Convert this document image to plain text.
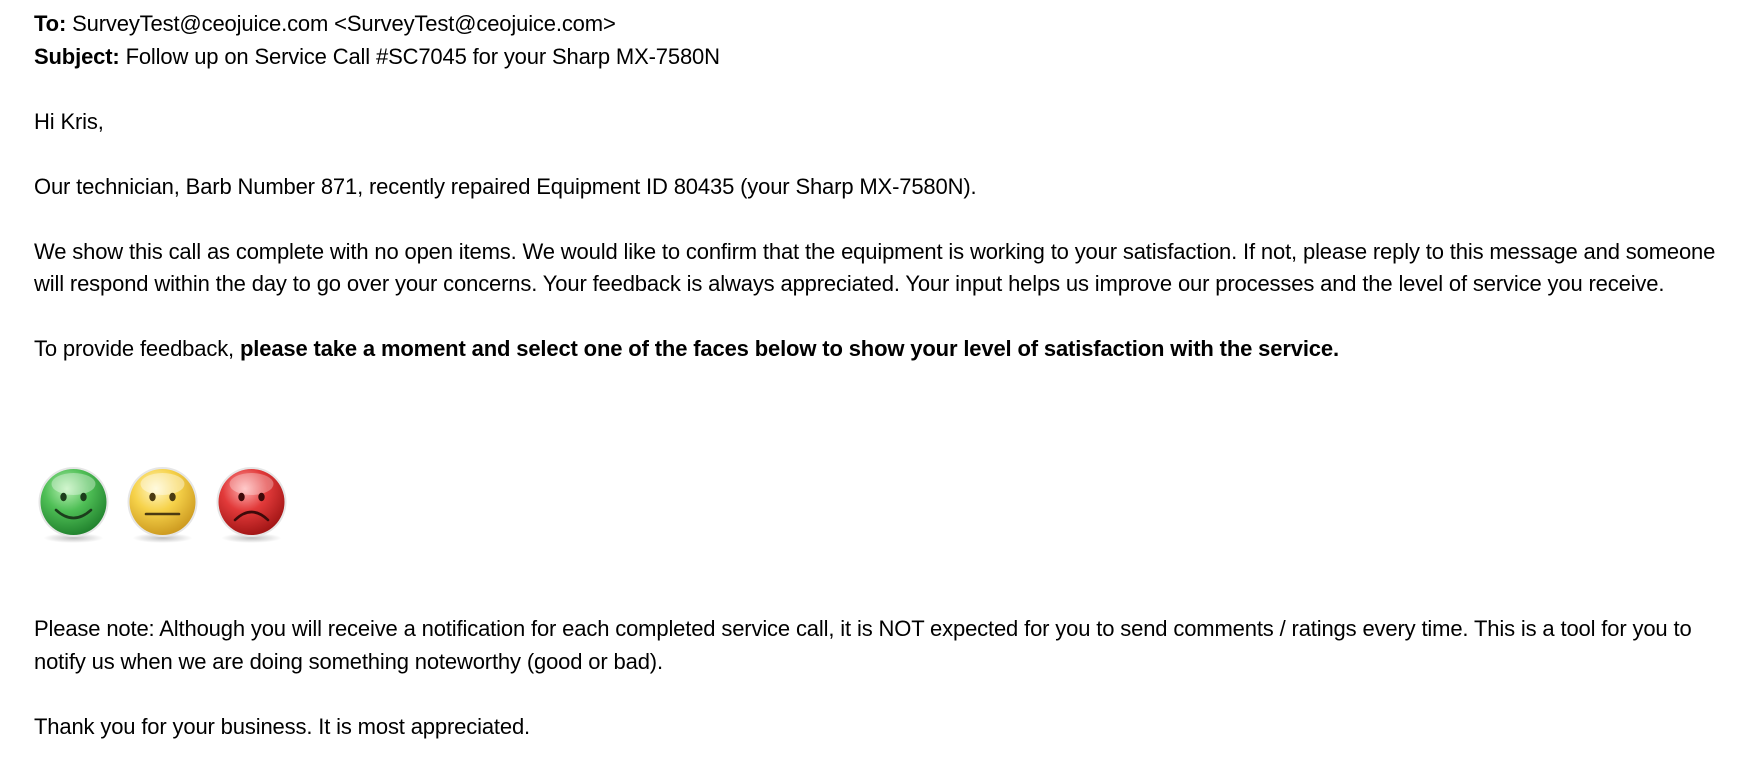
To: SurveyTest@ceojuice.com <SurveyTest@ceojuice.com>
Subject: Follow up on Service Call #SC7045 for your Sharp MX-7580N

Hi Kris,

Our technician, Barb Number 871, recently repaired Equipment ID 80435 (your Sharp MX-7580N).

We show this call as complete with no open items. We would like to confirm that the equipment is working to your satisfaction. If not, please reply to this message and someone will respond within the day to go over your concerns. Your feedback is always appreciated. Your input helps us improve our processes and the level of service you receive.

To provide feedback, please take a moment and select one of the faces below to show your level of satisfaction with the service.

Please note: Although you will receive a notification for each completed service call, it is NOT expected for you to send comments / ratings every time. This is a tool for you to notify us when we are doing something noteworthy (good or bad).

Thank you for your business. It is most appreciated.
